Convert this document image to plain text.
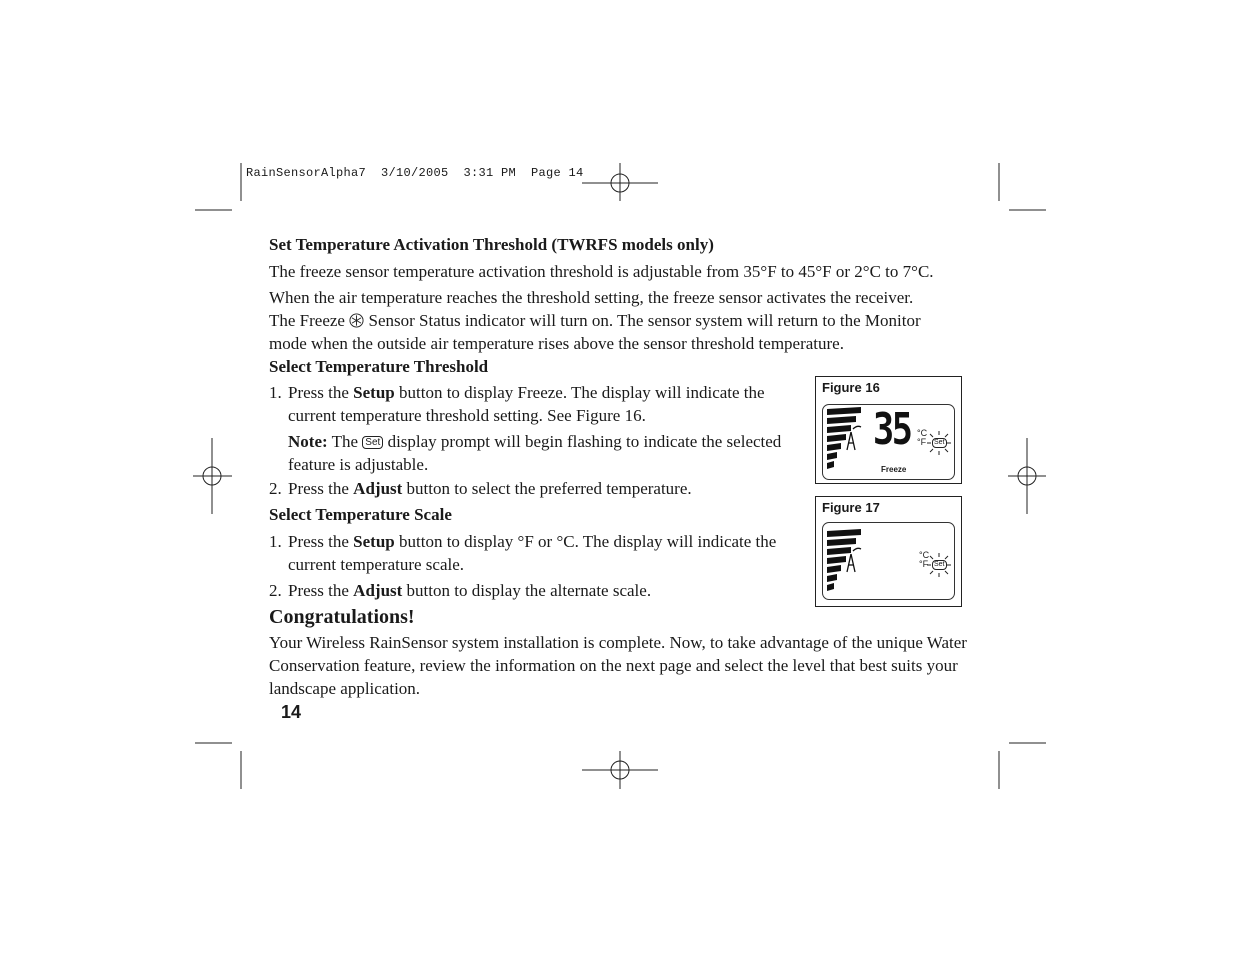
RainSensorAlpha7  3/10/2005  3:31 PM  Page 14
Set Temperature Activation Threshold (TWRFS models only)
The freeze sensor temperature activation threshold is adjustable from 35°F to 45°F or 2°C to 7°C.
When the air temperature reaches the threshold setting, the freeze sensor activates the receiver.
The Freeze Sensor Status indicator will turn on. The sensor system will return to the Monitor
mode when the outside air temperature rises above the sensor threshold temperature.
Select Temperature Threshold
1. Press the Setup button to display Freeze. The display will indicate the
current temperature threshold setting. See Figure 16.
Note: The Set display prompt will begin flashing to indicate the selected
feature is adjustable.
2. Press the Adjust button to select the preferred temperature.
Select Temperature Scale
1. Press the Setup button to display °F or °C. The display will indicate the
current temperature scale.
2. Press the Adjust button to display the alternate scale.
Congratulations!
Your Wireless RainSensor system installation is complete. Now, to take advantage of the unique Water Conservation feature, review the information on the next page and select the level that best suits your landscape application.
14
Figure 16
35 °C
°F Set
Freeze
Figure 17
°C
°F Set
